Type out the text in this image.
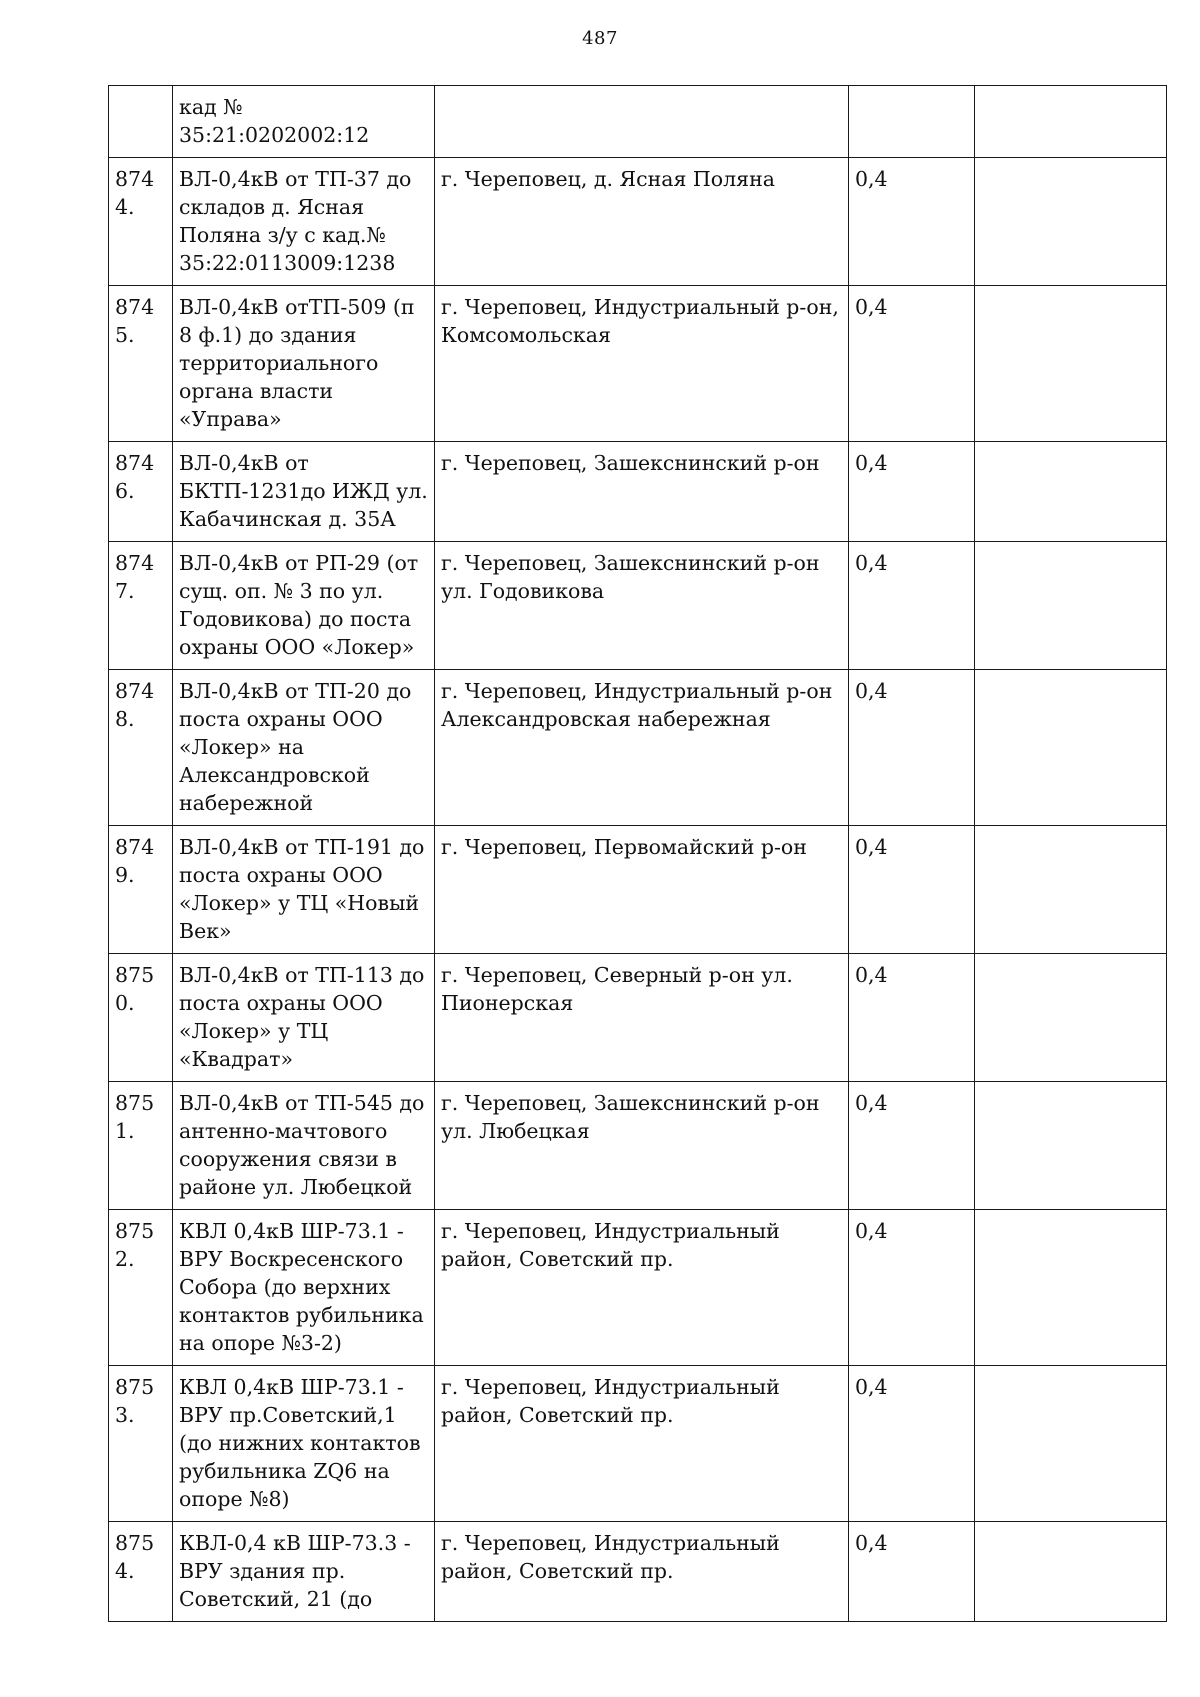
487
	кад № 35:21:0202002:12			
8744.	ВЛ-0,4кВ от ТП-37 до складов д. Ясная Поляна з/у с кад.№ 35:22:0113009:1238	г. Череповец, д. Ясная Поляна	0,4	
8745.	ВЛ-0,4кВ отТП-509 (п 8 ф.1) до здания территориального органа власти «Управа»	г. Череповец, Индустриальный р-он, Комсомольская	0,4	
8746.	ВЛ-0,4кВ от БКТП-1231до ИЖД ул. Кабачинская д. 35А	г. Череповец, Зашекснинский р-он	0,4	
8747.	ВЛ-0,4кВ от РП-29 (от сущ. оп. № 3 по ул. Годовикова) до поста охраны ООО «Локер»	г. Череповец, Зашекснинский р-он ул. Годовикова	0,4	
8748.	ВЛ-0,4кВ от ТП-20 до поста охраны ООО «Локер» на Александровской набережной	г. Череповец, Индустриальный р-он Александровская набережная	0,4	
8749.	ВЛ-0,4кВ от ТП-191 до поста охраны ООО «Локер» у ТЦ «Новый Век»	г. Череповец, Первомайский р-он	0,4	
8750.	ВЛ-0,4кВ от ТП-113 до поста охраны ООО «Локер» у ТЦ «Квадрат»	г. Череповец, Северный р-он ул. Пионерская	0,4	
8751.	ВЛ-0,4кВ от ТП-545 до антенно-мачтового сооружения связи в районе ул. Любецкой	г. Череповец, Зашекснинский р-он ул. Любецкая	0,4	
8752.	КВЛ 0,4кВ ШР-73.1 - ВРУ Воскресенского Собора (до верхних контактов рубильника на опоре №3-2)	г. Череповец, Индустриальный район, Советский пр.	0,4	
8753.	КВЛ 0,4кВ ШР-73.1 - ВРУ пр.Советский,1 (до нижних контактов рубильника ZQ6 на опоре №8)	г. Череповец, Индустриальный район, Советский пр.	0,4	
8754.	КВЛ-0,4 кВ ШР-73.3 - ВРУ здания пр. Советский, 21 (до	г. Череповец, Индустриальный район, Советский пр.	0,4	
